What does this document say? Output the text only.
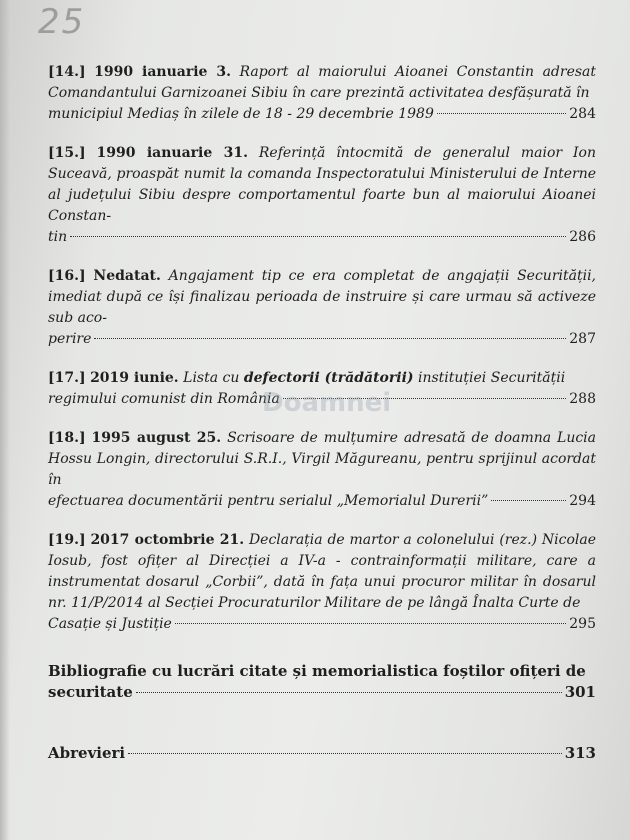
25
[14.] 1990 ianuarie 3. Raport al maiorului Aioanei Constantin adresat Comandantului Garnizoanei Sibiu în care prezintă activitatea desfășurată în
municipiul Mediaș în zilele de 18 - 29 decembrie 1989	284
[15.] 1990 ianuarie 31. Referință întocmită de generalul maior Ion Suceavă, proaspăt numit la comanda Inspectoratului Ministerului de Interne al județului Sibiu despre comportamentul foarte bun al maiorului Aioanei Constan-
tin	286
[16.] Nedatat. Angajament tip ce era completat de angajații Securității, imediat după ce își finalizau perioada de instruire și care urmau să activeze sub aco-
perire	287
[17.] 2019 iunie. Lista cu defectorii (trădătorii) instituției Securității
regimului comunist din România	288
[18.] 1995 august 25. Scrisoare de mulțumire adresată de doamna Lucia Hossu Longin, directorului S.R.I., Virgil Măgureanu, pentru sprijinul acordat în
efectuarea documentării pentru serialul „Memorialul Durerii”	294
[19.] 2017 octombrie 21. Declarația de martor a colonelului (rez.) Nicolae Iosub, fost ofițer al Direcției a IV-a - contrainformații militare, care a instrumentat dosarul „Corbii”, dată în fața unui procuror militar în dosarul nr. 11/P/2014 al Secției Procuraturilor Militare de pe lângă Înalta Curte de
Casație și Justiție	295
Bibliografie cu lucrări citate și memorialistica foștilor ofițeri de
securitate	301
Abrevieri	313
Doamnei
